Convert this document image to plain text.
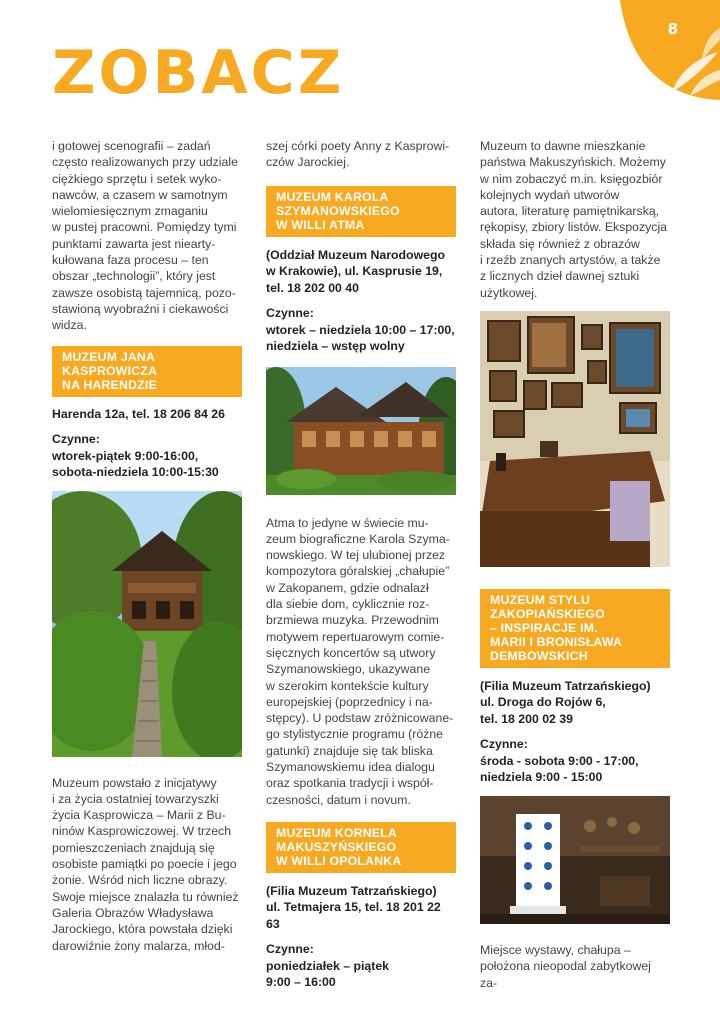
8
ZOBACZ

i gotowej scenografii – zadań
często realizowanych przy udziale
ciężkiego sprzętu i setek wyko-
nawców, a czasem w samotnym
wielomiesięcznym zmaganiu
w pustej pracowni. Pomiędzy tymi
punktami zawarta jest niearty-
kułowana faza procesu – ten
obszar „technologii”, który jest
zawsze osobistą tajemnicą, pozo-
stawioną wyobraźni i ciekawości
widza.

MUZEUM JANA
KASPROWICZA
NA HARENDZIE

Harenda 12a, tel. 18 206 84 26

Czynne:
wtorek-piątek 9:00-16:00,
sobota-niedziela 10:00-15:30

Muzeum powstało z inicjatywy
i za życia ostatniej towarzyszki
życia Kasprowicza – Marii z Bu-
ninów Kasprowiczowej. W trzech
pomieszczeniach znajdują się
osobiste pamiątki po poecie i jego
żonie. Wśród nich liczne obrazy.
Swoje miejsce znalazła tu również
Galeria Obrazów Władysława
Jarockiego, która powstała dzięki
darowiźnie żony malarza, młod-

szej córki poety Anny z Kasprowi-
czów Jarockiej.

MUZEUM KAROLA
SZYMANOWSKIEGO
W WILLI ATMA

(Oddział Muzeum Narodowego
w Krakowie), ul. Kasprusie 19,
tel. 18 202 00 40

Czynne:
wtorek – niedziela 10:00 – 17:00,
niedziela – wstęp wolny

Atma to jedyne w świecie mu-
zeum biograficzne Karola Szyma-
nowskiego. W tej ulubionej przez
kompozytora góralskiej „chałupie”
w Zakopanem, gdzie odnalazł
dla siebie dom, cyklicznie roz-
brzmiewa muzyka. Przewodnim
motywem repertuarowym comie-
sięcznych koncertów są utwory
Szymanowskiego, ukazywane
w szerokim kontekście kultury
europejskiej (poprzednicy i na-
stępcy). U podstaw zróżnicowane-
go stylistycznie programu (różne
gatunki) znajduje się tak bliska
Szymanowskiemu idea dialogu
oraz spotkania tradycji i współ-
czesności, datum i novum.

MUZEUM KORNELA
MAKUSZYŃSKIEGO
W WILLI OPOLANKA

(Filia Muzeum Tatrzańskiego)
ul. Tetmajera 15, tel. 18 201 22 63

Czynne:
poniedziałek – piątek
9:00 – 16:00

Muzeum to dawne mieszkanie
państwa Makuszyńskich. Możemy
w nim zobaczyć m.in. księgozbiór
kolejnych wydań utworów
autora, literaturę pamiętnikarską,
rękopisy, zbiory listów. Ekspozycja
składa się również z obrazów
i rzeźb znanych artystów, a także
z licznych dzieł dawnej sztuki
użytkowej.

MUZEUM STYLU
ZAKOPIAŃSKIEGO
– INSPIRACJE IM.
MARII I BRONISŁAWA
DEMBOWSKICH

(Filia Muzeum Tatrzańskiego)
ul. Droga do Rojów 6,
tel. 18 200 02 39

Czynne:
środa - sobota 9:00 - 17:00,
niedziela 9:00 - 15:00

Miejsce wystawy, chałupa –
położona nieopodal zabytkowej za-
